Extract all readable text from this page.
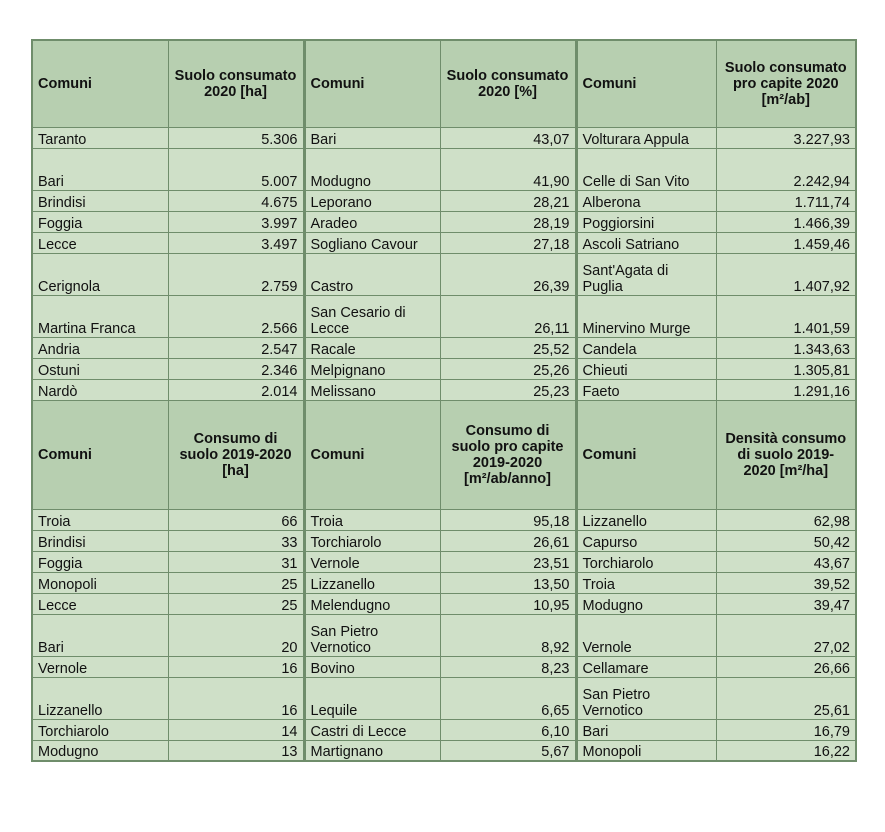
Comuni	Suolo consumato 2020 [ha]	Comuni	Suolo consumato 2020 [%]	Comuni	Suolo consumato pro capite 2020 [m²/ab]
Taranto	5.306	Bari	43,07	Volturara Appula	3.227,93
Bari	5.007	Modugno	41,90	Celle di San Vito	2.242,94
Brindisi	4.675	Leporano	28,21	Alberona	1.711,74
Foggia	3.997	Aradeo	28,19	Poggiorsini	1.466,39
Lecce	3.497	Sogliano Cavour	27,18	Ascoli Satriano	1.459,46
Cerignola	2.759	Castro	26,39	Sant'Agata di Puglia	1.407,92
Martina Franca	2.566	San Cesario di Lecce	26,11	Minervino Murge	1.401,59
Andria	2.547	Racale	25,52	Candela	1.343,63
Ostuni	2.346	Melpignano	25,26	Chieuti	1.305,81
Nardò	2.014	Melissano	25,23	Faeto	1.291,16
Comuni	Consumo di suolo 2019-2020 [ha]	Comuni	Consumo di suolo pro capite 2019-2020 [m²/ab/anno]	Comuni	Densità consumo di suolo 2019-2020 [m²/ha]
Troia	66	Troia	95,18	Lizzanello	62,98
Brindisi	33	Torchiarolo	26,61	Capurso	50,42
Foggia	31	Vernole	23,51	Torchiarolo	43,67
Monopoli	25	Lizzanello	13,50	Troia	39,52
Lecce	25	Melendugno	10,95	Modugno	39,47
Bari	20	San Pietro Vernotico	8,92	Vernole	27,02
Vernole	16	Bovino	8,23	Cellamare	26,66
Lizzanello	16	Lequile	6,65	San Pietro Vernotico	25,61
Torchiarolo	14	Castri di Lecce	6,10	Bari	16,79
Modugno	13	Martignano	5,67	Monopoli	16,22
